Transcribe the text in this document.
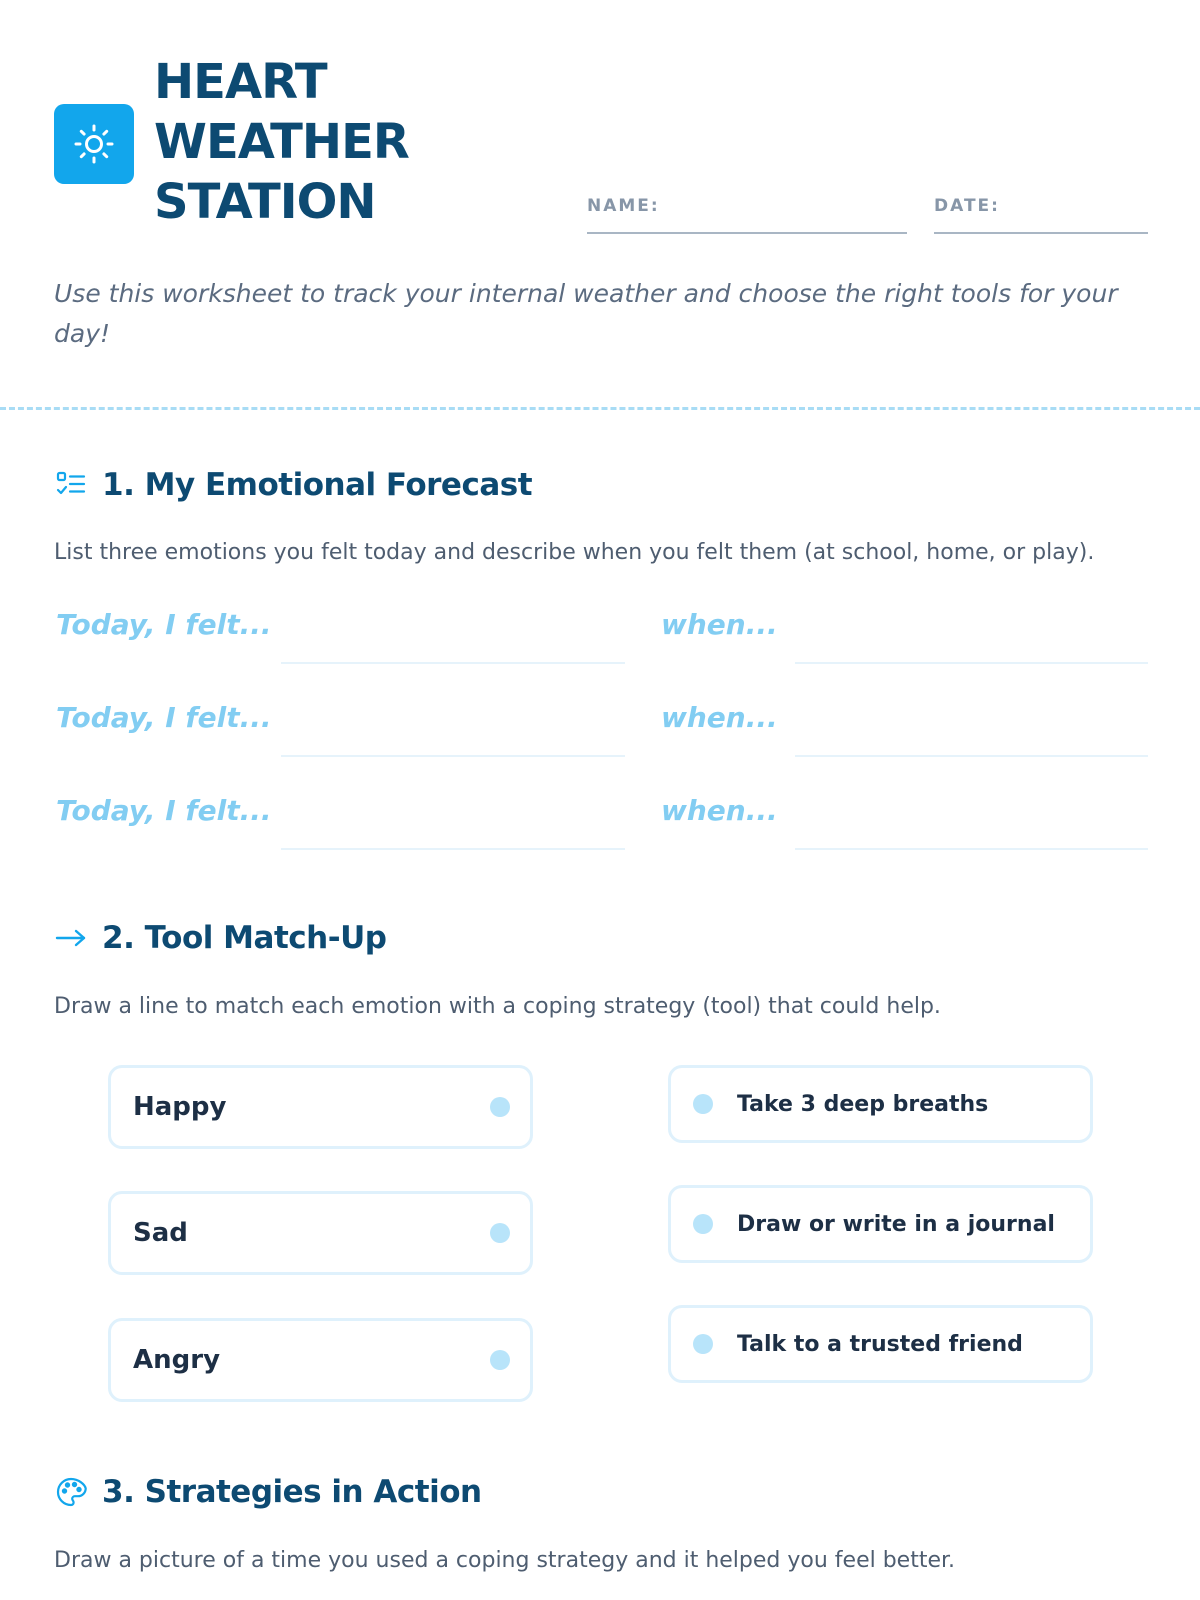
HEART
WEATHER
STATION	NAME:	DATE:

Use this worksheet to track your internal weather and choose the right tools for your day!

1. My Emotional Forecast

List three emotions you felt today and describe when you felt them (at school, home, or play).

Today, I felt...	when...
Today, I felt...	when...
Today, I felt...	when...
2. Tool Match-Up

Draw a line to match each emotion with a coping strategy (tool) that could help.

Happy
Sad
Angry
Take 3 deep breaths
Draw or write in a journal
Talk to a trusted friend
3. Strategies in Action

Draw a picture of a time you used a coping strategy and it helped you feel better.
